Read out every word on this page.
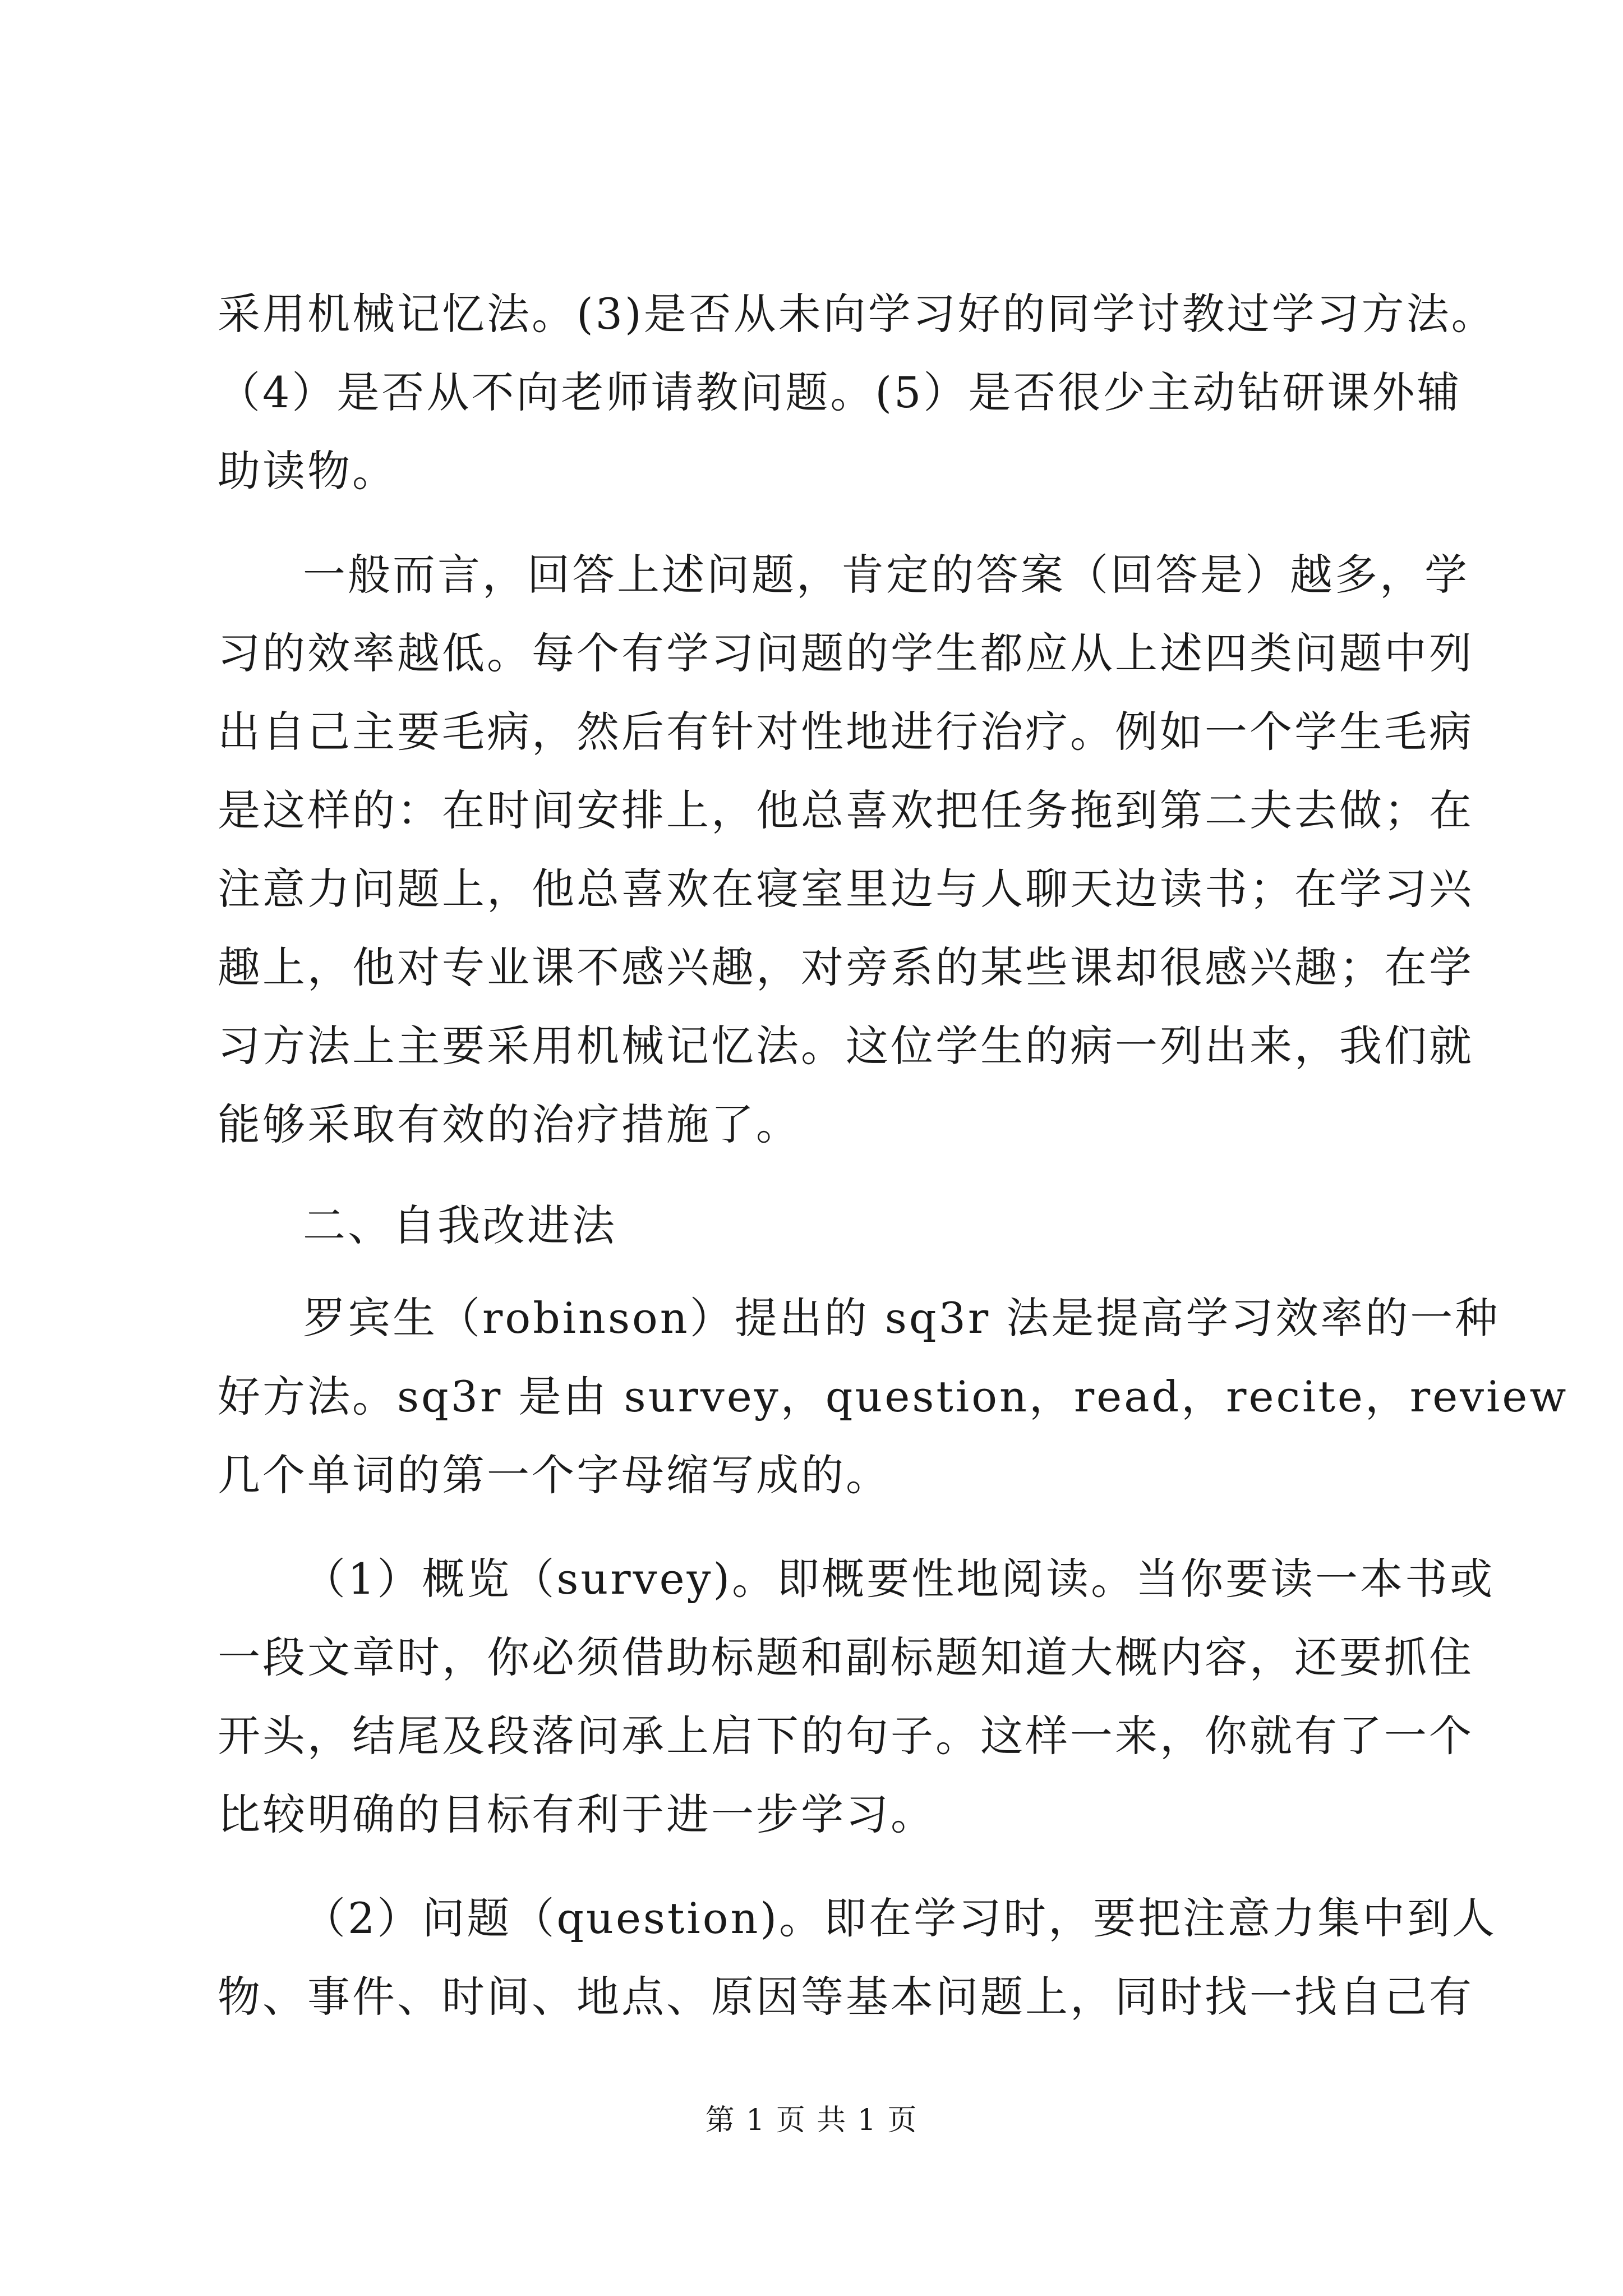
采用机械记忆法。(3)是否从未向学习好的同学讨教过学习方法。
（4）是否从不向老师请教问题。(5）是否很少主动钻研课外辅
助读物。
一般而言，回答上述问题，肯定的答案（回答是）越多，学
习的效率越低。每个有学习问题的学生都应从上述四类问题中列
出自己主要毛病，然后有针对性地进行治疗。例如一个学生毛病
是这样的：在时间安排上，他总喜欢把任务拖到第二夫去做；在
注意力问题上，他总喜欢在寝室里边与人聊天边读书；在学习兴
趣上，他对专业课不感兴趣，对旁系的某些课却很感兴趣；在学
习方法上主要采用机械记忆法。这位学生的病一列出来，我们就
能够采取有效的治疗措施了。
二、自我改进法
罗宾生（robinson）提出的 sq3r 法是提高学习效率的一种
好方法。sq3r 是由 survey，question，read，recite，review
几个单词的第一个字母缩写成的。
（1）概览（survey)。即概要性地阅读。当你要读一本书或
一段文章时，你必须借助标题和副标题知道大概内容，还要抓住
开头，结尾及段落问承上启下的句子。这样一来，你就有了一个
比较明确的目标有利于进一步学习。
（2）问题（question)。即在学习时，要把注意力集中到人
物、事件、时间、地点、原因等基本问题上，同时找一找自己有
第 1 页 共 1 页
